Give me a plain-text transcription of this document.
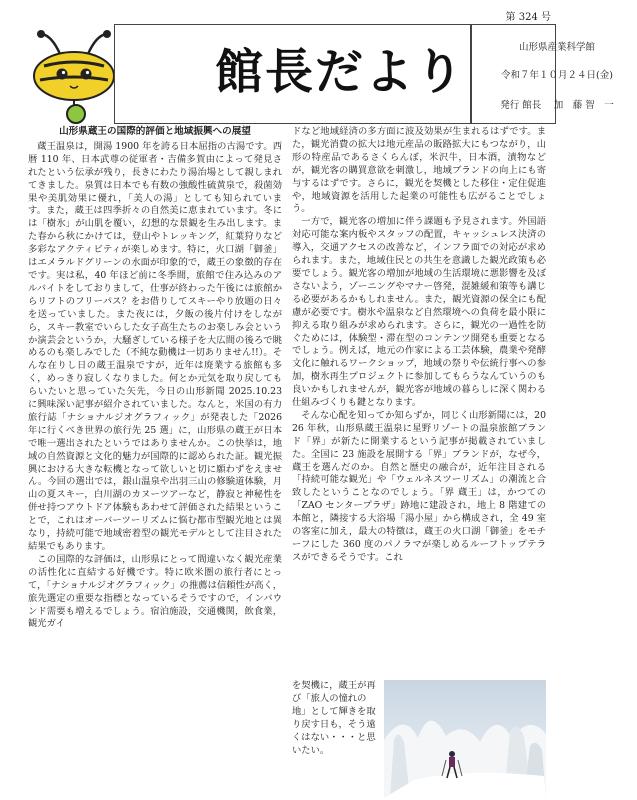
第 324 号
館長だより	山形県産業科学館
令和７年１０月２４日(金)
発行 館長　 加　藤 智　一

山形県蔵王の国際的評価と地域振興への展望

蔵王温泉は，開湯 1900 年を誇る日本屈指の古湯です。西暦 110 年、日本武尊の従軍者・吉備多賀由によって発見されたという伝承が残り，長きにわたり湯治場として親しまれてきました。泉質は日本でも有数の強酸性硫黄泉で，殺菌効果や美肌効果に優れ，「美人の湯」としても知られています。また，蔵王は四季折々の自然美に恵まれています。冬には「樹氷」が山肌を覆い，幻想的な景観を生み出します。また春から秋にかけては，登山やトレッキング，紅葉狩りなど多彩なアクティビティが楽しめます。特に，火口湖「御釜」はエメラルドグリーンの水面が印象的で，蔵王の象徴的存在です。実は私，40 年ほど前に冬季間，旅館で住み込みのアルバイトをしておりまして，仕事が終わった午後には旅館からリフトのフリーパス？をお借りしてスキーやり放題の日々を送っていました。また夜には，夕飯の後片付けをしながら，スキー教室でいらした女子高生たちのお楽しみ会というか演芸会というか，大騒ぎしている様子を大広間の後ろで眺めるのも楽しみでした（不純な動機は一切ありません!!）。そんな在りし日の蔵王温泉ですが，近年は廃業する旅館も多く，めっきり寂しくなりました。何とか元気を取り戻してもらいたいと思っていた矢先，今日の山形新聞 2025.10.23 に興味深い記事が紹介されていました。なんと，米国の有力旅行誌「ナショナルジオグラフィック」が発表した「2026 年に行くべき世界の旅行先 25 選」に，山形県の蔵王が日本で唯一選出されたというではありませんか。この快挙は，地域の自然資源と文化的魅力が国際的に認められた証。観光振興における大きな転機となって欲しいと切に願わずをえません。今回の選出では，銀山温泉や出羽三山の修験道体験，月山の夏スキー，白川湖のカヌーツアーなど，静寂と神秘性を併せ持つアウトドア体験もあわせて評価された結果ということで，これはオーバーツーリズムに悩む都市型観光地とは異なり，持続可能で地域密着型の観光モデルとして注目された結果でもあります。

この国際的な評価は，山形県にとって間違いなく観光産業の活性化に直結する好機です。特に欧米圏の旅行者にとって，「ナショナルジオグラフィック」の推薦は信頼性が高く，旅先選定の重要な指標となっているそうですので，インバウンド需要も増えるでしょう。宿泊施設，交通機関，飲食業，観光ガイ

ドなど地域経済の多方面に波及効果が生まれるはずです。また，観光消費の拡大は地元産品の販路拡大にもつながり，山形の特産品であるさくらんぼ，米沢牛，日本酒，漬物などが，観光客の購買意欲を刺激し，地域ブランドの向上にも寄与するはずです。さらに，観光を契機とした移住・定住促進や，地域資源を活用した起業の可能性も広がることでしょう。

一方で，観光客の増加に伴う課題も予見されます。外国語対応可能な案内板やスタッフの配置，キャッシュレス決済の導入，交通アクセスの改善など，インフラ面での対応が求められます。また，地域住民との共生を意識した観光政策も必要でしょう。観光客の増加が地域の生活環境に悪影響を及ぼさないよう，ゾーニングやマナー啓発，混雑緩和策等も講じる必要があるかもしれません。また，観光資源の保全にも配慮が必要です。樹氷や温泉など自然環境への負荷を最小限に抑える取り組みが求められます。さらに，観光の一過性を防ぐためには，体験型・滞在型のコンテンツ開発も重要となるでしょう。例えば，地元の作家による工芸体験，農業や発酵文化に触れるワークショップ，地域の祭りや伝統行事への参加，樹氷再生プロジェクトに参加してもらうなんていうのも良いかもしれませんが，観光客が地域の暮らしに深く関わる仕組みづくりも鍵となります。

そんな心配を知ってか知らずか，同じく山形新聞には，2026 年秋，山形県蔵王温泉に星野リゾートの温泉旅館ブランド「界」が新たに開業するという記事が掲載されていました。全国に 23 施設を展開する「界」ブランドが，なぜ今，蔵王を選んだのか。自然と歴史の融合が，近年注目される「持続可能な観光」や「ウェルネスツーリズム」の潮流と合致したということなのでしょう。「界 蔵王」は，かつての「ZAO センタープラザ」跡地に建設され，地上 8 階建ての本館と，隣接する大浴場「湯小屋」から構成され，全 49 室の客室に加え，最大の特徴は，蔵王の火口湖「御釜」をモチーフにした 360 度のパノラマが楽しめるルーフトップテラスができるそうです。これ

を契機に，蔵王が再び「旅人の憧れの地」として輝きを取り戻す日も，そう遠くはない・・・と思いたい。
